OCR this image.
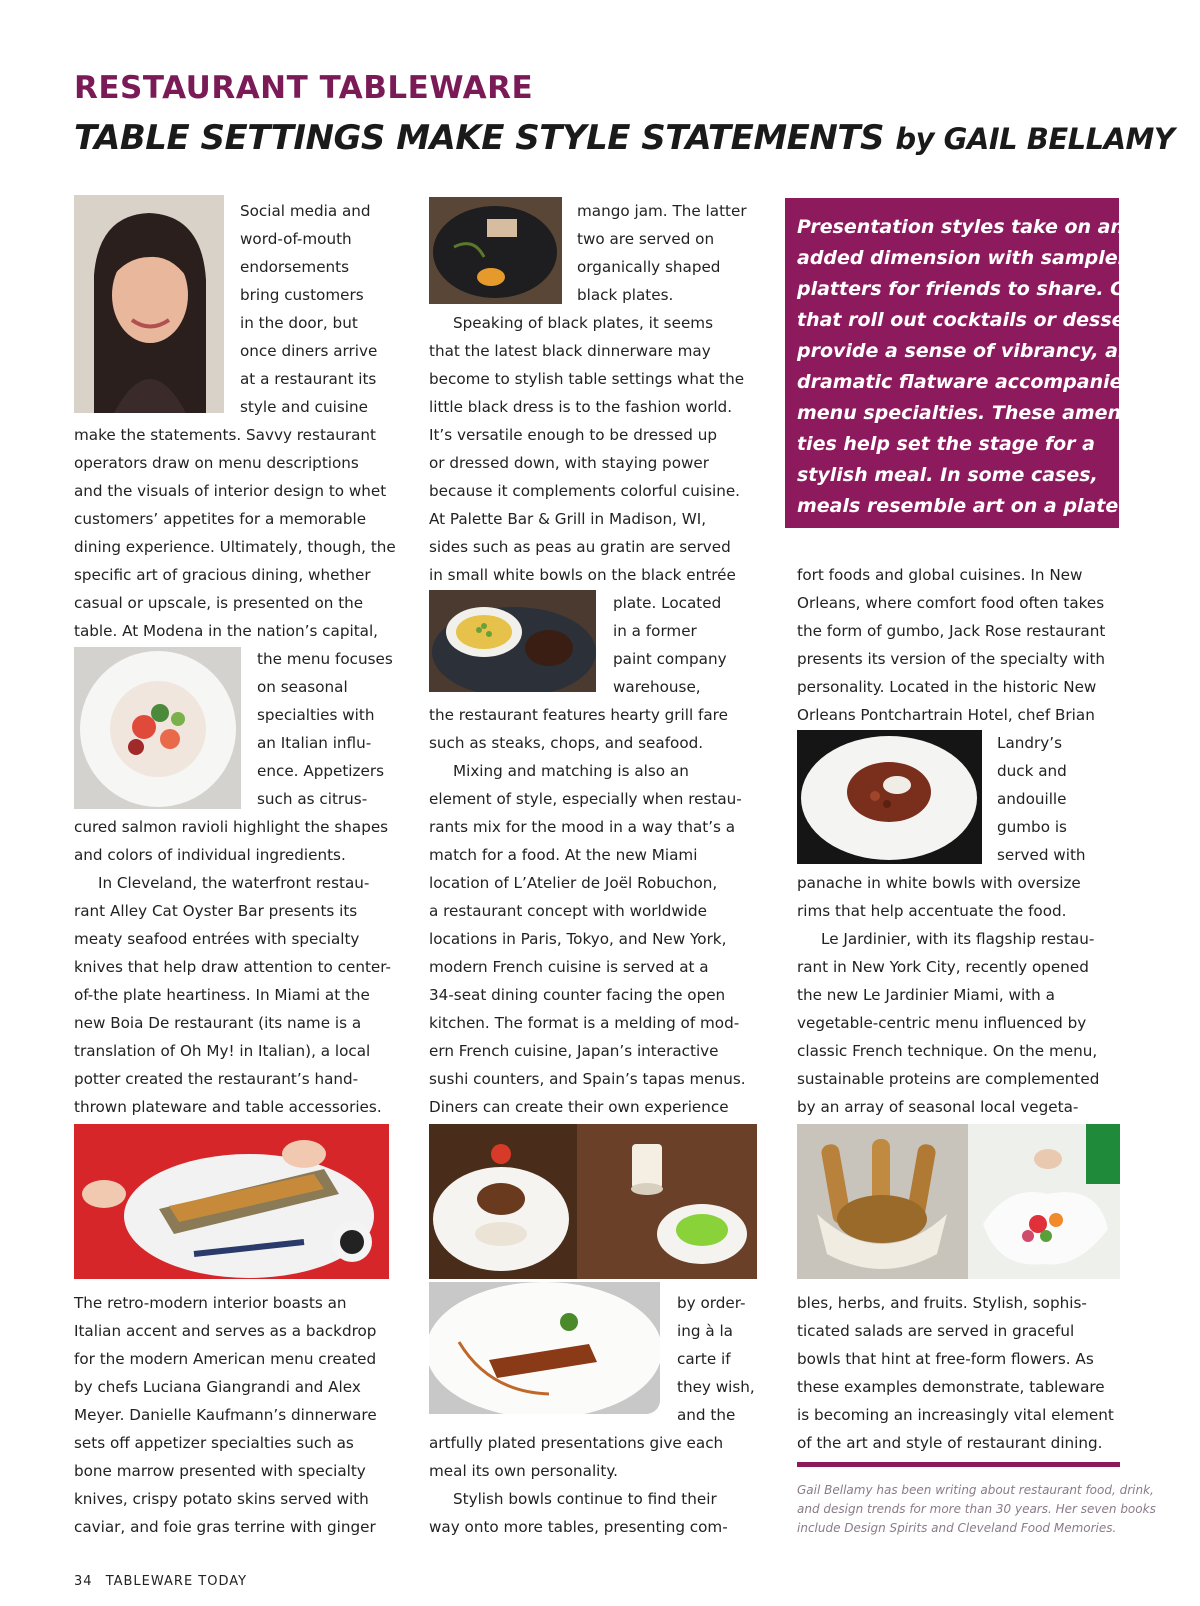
RESTAURANT TABLEWARE
TABLE SETTINGS MAKE STYLE STATEMENTS by GAIL BELLAMY
Presentation styles take on an
added dimension with sampler
platters for friends to share. Carts
that roll out cocktails or desserts
provide a sense of vibrancy, and
dramatic flatware accompanies
menu specialties. These ameni-
ties help set the stage for a
stylish meal. In some cases,
meals resemble art on a plate.
Social media and
word-of-mouth
endorsements
bring customers
in the door, but
once diners arrive
at a restaurant its
style and cuisine
make the statements. Savvy restaurant
operators draw on menu descriptions
and the visuals of interior design to whet
customers’ appetites for a memorable
dining experience. Ultimately, though, the
specific art of gracious dining, whether
casual or upscale, is presented on the
table. At Modena in the nation’s capital,
the menu focuses
on seasonal
specialties with
an Italian influ-
ence. Appetizers
such as citrus-
cured salmon ravioli highlight the shapes
and colors of individual ingredients.
In Cleveland, the waterfront restau-
rant Alley Cat Oyster Bar presents its
meaty seafood entrées with specialty
knives that help draw attention to center-
of-the plate heartiness. In Miami at the
new Boia De restaurant (its name is a
translation of Oh My! in Italian), a local
potter created the restaurant’s hand-
thrown plateware and table accessories.
The retro-modern interior boasts an
Italian accent and serves as a backdrop
for the modern American menu created
by chefs Luciana Giangrandi and Alex
Meyer. Danielle Kaufmann’s dinnerware
sets off appetizer specialties such as
bone marrow presented with specialty
knives, crispy potato skins served with
caviar, and foie gras terrine with ginger
mango jam. The latter
two are served on
organically shaped
black plates.
Speaking of black plates, it seems
that the latest black dinnerware may
become to stylish table settings what the
little black dress is to the fashion world.
It’s versatile enough to be dressed up
or dressed down, with staying power
because it complements colorful cuisine.
At Palette Bar & Grill in Madison, WI,
sides such as peas au gratin are served
in small white bowls on the black entrée
plate. Located
in a former
paint company
warehouse,
the restaurant features hearty grill fare
such as steaks, chops, and seafood.
Mixing and matching is also an
element of style, especially when restau-
rants mix for the mood in a way that’s a
match for a food. At the new Miami
location of L’Atelier de Joël Robuchon,
a restaurant concept with worldwide
locations in Paris, Tokyo, and New York,
modern French cuisine is served at a
34-seat dining counter facing the open
kitchen. The format is a melding of mod-
ern French cuisine, Japan’s interactive
sushi counters, and Spain’s tapas menus.
Diners can create their own experience
by order-
ing à la
carte if
they wish,
and the
artfully plated presentations give each
meal its own personality.
Stylish bowls continue to find their
way onto more tables, presenting com-
fort foods and global cuisines. In New
Orleans, where comfort food often takes
the form of gumbo, Jack Rose restaurant
presents its version of the specialty with
personality. Located in the historic New
Orleans Pontchartrain Hotel, chef Brian
Landry’s
duck and
andouille
gumbo is
served with
panache in white bowls with oversize
rims that help accentuate the food.
Le Jardinier, with its flagship restau-
rant in New York City, recently opened
the new Le Jardinier Miami, with a
vegetable-centric menu influenced by
classic French technique. On the menu,
sustainable proteins are complemented
by an array of seasonal local vegeta-
bles, herbs, and fruits. Stylish, sophis-
ticated salads are served in graceful
bowls that hint at free-form flowers. As
these examples demonstrate, tableware
is becoming an increasingly vital element
of the art and style of restaurant dining.
Gail Bellamy has been writing about restaurant food, drink,
and design trends for more than 30 years. Her seven books
include Design Spirits and Cleveland Food Memories.
34 TABLEWARE TODAY
